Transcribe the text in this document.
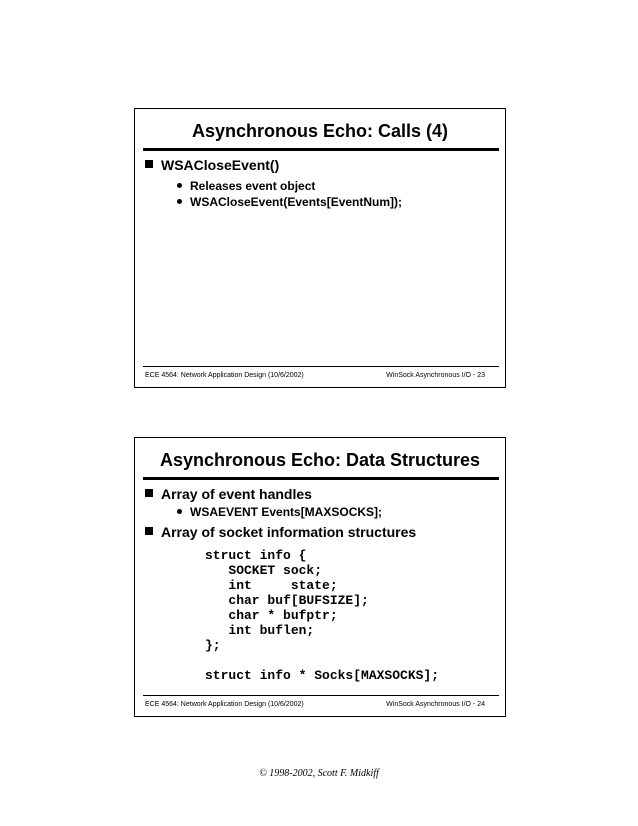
Asynchronous Echo: Calls (4)
WSACloseEvent()
Releases event object
WSACloseEvent(Events[EventNum]);
ECE 4564: Network Application Design (10/6/2002)	WinSock Asynchronous I/O - 23
Asynchronous Echo: Data Structures
Array of event handles
WSAEVENT Events[MAXSOCKS];
Array of socket information structures
struct info {
SOCKET sock;
int     state;
char buf[BUFSIZE];
char * bufptr;
int buflen;
};

struct info * Socks[MAXSOCKS];
ECE 4564: Network Application Design (10/6/2002)	WinSock Asynchronous I/O - 24
© 1998-2002, Scott F. Midkiff
